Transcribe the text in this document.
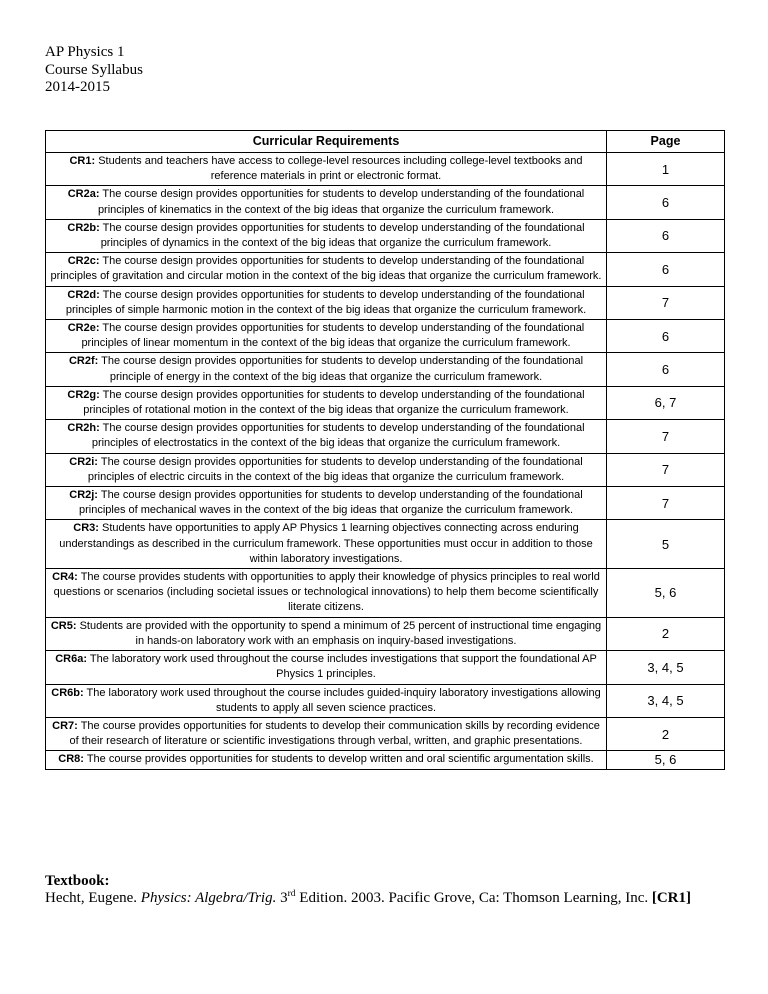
AP Physics 1
Course Syllabus
2014-2015
Curricular Requirements	Page
CR1: Students and teachers have access to college-level resources including college-level textbooks and reference materials in print or electronic format.	1
CR2a: The course design provides opportunities for students to develop understanding of the foundational principles of kinematics in the context of the big ideas that organize the curriculum framework.	6
CR2b: The course design provides opportunities for students to develop understanding of the foundational principles of dynamics in the context of the big ideas that organize the curriculum framework.	6
CR2c: The course design provides opportunities for students to develop understanding of the foundational principles of gravitation and circular motion in the context of the big ideas that organize the curriculum framework.	6
CR2d: The course design provides opportunities for students to develop understanding of the foundational principles of simple harmonic motion in the context of the big ideas that organize the curriculum framework.	7
CR2e: The course design provides opportunities for students to develop understanding of the foundational principles of linear momentum in the context of the big ideas that organize the curriculum framework.	6
CR2f: The course design provides opportunities for students to develop understanding of the foundational principle of energy in the context of the big ideas that organize the curriculum framework.	6
CR2g: The course design provides opportunities for students to develop understanding of the foundational principles of rotational motion in the context of the big ideas that organize the curriculum framework.	6, 7
CR2h: The course design provides opportunities for students to develop understanding of the foundational principles of electrostatics in the context of the big ideas that organize the curriculum framework.	7
CR2i: The course design provides opportunities for students to develop understanding of the foundational principles of electric circuits in the context of the big ideas that organize the curriculum framework.	7
CR2j: The course design provides opportunities for students to develop understanding of the foundational principles of mechanical waves in the context of the big ideas that organize the curriculum framework.	7
CR3: Students have opportunities to apply AP Physics 1 learning objectives connecting across enduring understandings as described in the curriculum framework. These opportunities must occur in addition to those within laboratory investigations.	5
CR4: The course provides students with opportunities to apply their knowledge of physics principles to real world questions or scenarios (including societal issues or technological innovations) to help them become scientifically literate citizens.	5, 6
CR5: Students are provided with the opportunity to spend a minimum of 25 percent of instructional time engaging in hands-on laboratory work with an emphasis on inquiry-based investigations.	2
CR6a: The laboratory work used throughout the course includes investigations that support the foundational AP Physics 1 principles.	3, 4, 5
CR6b: The laboratory work used throughout the course includes guided-inquiry laboratory investigations allowing students to apply all seven science practices.	3, 4, 5
CR7: The course provides opportunities for students to develop their communication skills by recording evidence of their research of literature or scientific investigations through verbal, written, and graphic presentations.	2
CR8: The course provides opportunities for students to develop written and oral scientific argumentation skills.	5, 6
Textbook:
Hecht, Eugene. Physics: Algebra/Trig. 3rd Edition. 2003. Pacific Grove, Ca: Thomson Learning, Inc. [CR1]
